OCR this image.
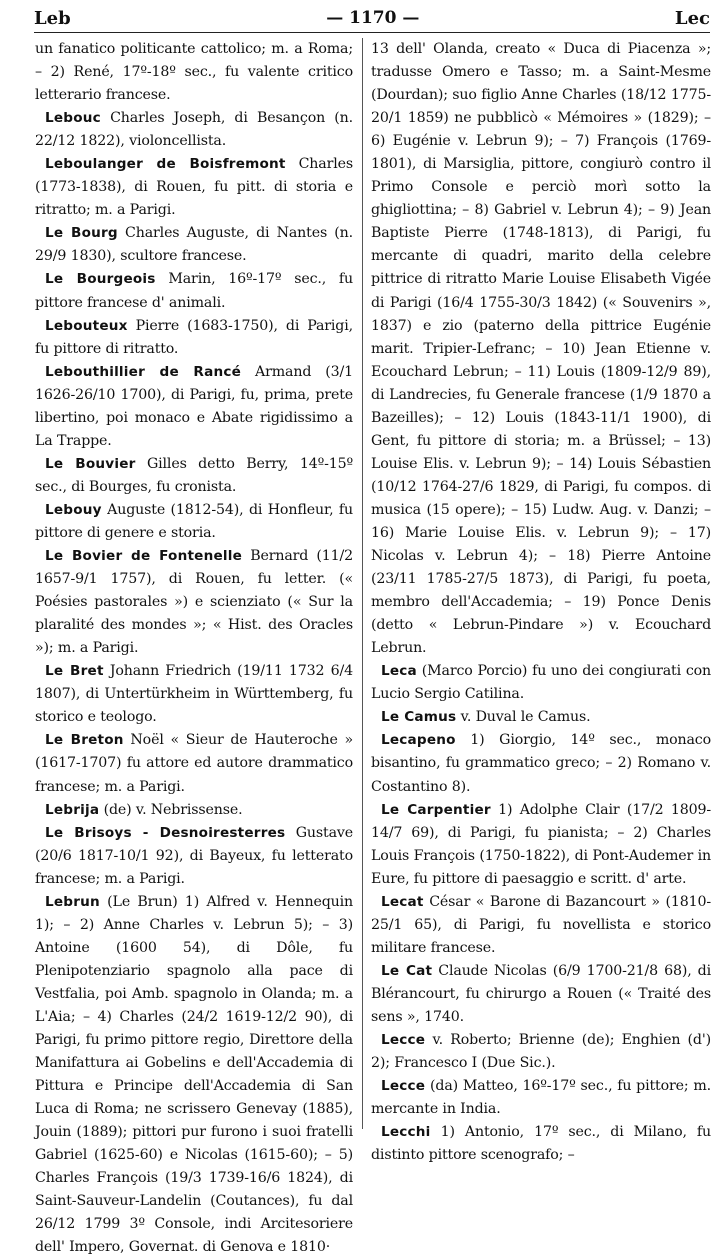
Leb	— 1170 —	Lec

un fanatico politicante cattolico; m. a Roma; – 2) René, 17º-18º sec., fu valente critico letterario francese.

Lebouc Charles Joseph, di Besançon (n. 22/12 1822), violoncellista.

Leboulanger de Boisfremont Charles (1773-1838), di Rouen, fu pitt. di storia e ritratto; m. a Parigi.

Le Bourg Charles Auguste, di Nantes (n. 29/9 1830), scultore francese.

Le Bourgeois Marin, 16º-17º sec., fu pittore francese d' animali.

Lebouteux Pierre (1683-1750), di Parigi, fu pittore di ritratto.

Lebouthillier de Rancé Armand (3/1 1626-26/10 1700), di Parigi, fu, prima, prete libertino, poi monaco e Abate rigidissimo a La Trappe.

Le Bouvier Gilles detto Berry, 14º-15º sec., di Bourges, fu cronista.

Lebouy Auguste (1812-54), di Honfleur, fu pittore di genere e storia.

Le Bovier de Fontenelle Bernard (11/2 1657-9/1 1757), di Rouen, fu letter. (« Poésies pastorales ») e scienziato (« Sur la plaralité des mondes »; « Hist. des Oracles »); m. a Parigi.

Le Bret Johann Friedrich (19/11 1732 6/4 1807), di Untertürkheim in Württemberg, fu storico e teologo.

Le Breton Noël « Sieur de Hauteroche » (1617-1707) fu attore ed autore drammatico francese; m. a Parigi.

Lebrija (de) v. Nebrissense.

Le Brisoys - Desnoiresterres Gustave (20/6 1817-10/1 92), di Bayeux, fu letterato francese; m. a Parigi.

Lebrun (Le Brun) 1) Alfred v. Hennequin 1); – 2) Anne Charles v. Lebrun 5); – 3) Antoine (1600 54), di Dôle, fu Plenipotenziario spagnolo alla pace di Vestfalia, poi Amb. spagnolo in Olanda; m. a L'Aia; – 4) Charles (24/2 1619-12/2 90), di Parigi, fu primo pittore regio, Direttore della Manifattura ai Gobelins e dell'Accademia di Pittura e Principe dell'Accademia di San Luca di Roma; ne scrissero Genevay (1885), Jouin (1889); pittori pur furono i suoi fratelli Gabriel (1625-60) e Nicolas (1615-60); – 5) Charles François (19/3 1739-16/6 1824), di Saint-Sauveur-Landelin (Coutances), fu dal 26/12 1799 3º Console, indi Arcitesoriere dell' Impero, Governat. di Genova e 1810·

13 dell' Olanda, creato « Duca di Piacenza »; tradusse Omero e Tasso; m. a Saint-Mesme (Dourdan); suo figlio Anne Charles (18/12 1775-20/1 1859) ne pubblicò « Mémoires » (1829); – 6) Eugénie v. Lebrun 9); – 7) François (1769-1801), di Marsiglia, pittore, congiurò contro il Primo Console e perciò morì sotto la ghigliottina; – 8) Gabriel v. Lebrun 4); – 9) Jean Baptiste Pierre (1748-1813), di Parigi, fu mercante di quadri, marito della celebre pittrice di ritratto Marie Louise Elisabeth Vigée di Parigi (16/4 1755-30/3 1842) (« Souvenirs », 1837) e zio (paterno della pittrice Eugénie marit. Tripier-Lefranc; – 10) Jean Etienne v. Ecouchard Lebrun; – 11) Louis (1809-12/9 89), di Landrecies, fu Generale francese (1/9 1870 a Bazeilles); – 12) Louis (1843-11/1 1900), di Gent, fu pittore di storia; m. a Brüssel; – 13) Louise Elis. v. Lebrun 9); – 14) Louis Sébastien (10/12 1764-27/6 1829, di Parigi, fu compos. di musica (15 opere); – 15) Ludw. Aug. v. Danzi; – 16) Marie Louise Elis. v. Lebrun 9); – 17) Nicolas v. Lebrun 4); – 18) Pierre Antoine (23/11 1785-27/5 1873), di Parigi, fu poeta, membro dell'Accademia; – 19) Ponce Denis (detto « Lebrun-Pindare ») v. Ecouchard Lebrun.

Leca (Marco Porcio) fu uno dei congiurati con Lucio Sergio Catilina.

Le Camus v. Duval le Camus.

Lecapeno 1) Giorgio, 14º sec., monaco bisantino, fu grammatico greco; – 2) Romano v. Costantino 8).

Le Carpentier 1) Adolphe Clair (17/2 1809-14/7 69), di Parigi, fu pianista; – 2) Charles Louis François (1750-1822), di Pont-Audemer in Eure, fu pittore di paesaggio e scritt. d' arte.

Lecat César « Barone di Bazancourt » (1810-25/1 65), di Parigi, fu novellista e storico militare francese.

Le Cat Claude Nicolas (6/9 1700-21/8 68), di Blérancourt, fu chirurgo a Rouen (« Traité des sens », 1740.

Lecce v. Roberto; Brienne (de); Enghien (d') 2); Francesco I (Due Sic.).

Lecce (da) Matteo, 16º-17º sec., fu pittore; m. mercante in India.

Lecchi 1) Antonio, 17º sec., di Milano, fu distinto pittore scenografo; –
